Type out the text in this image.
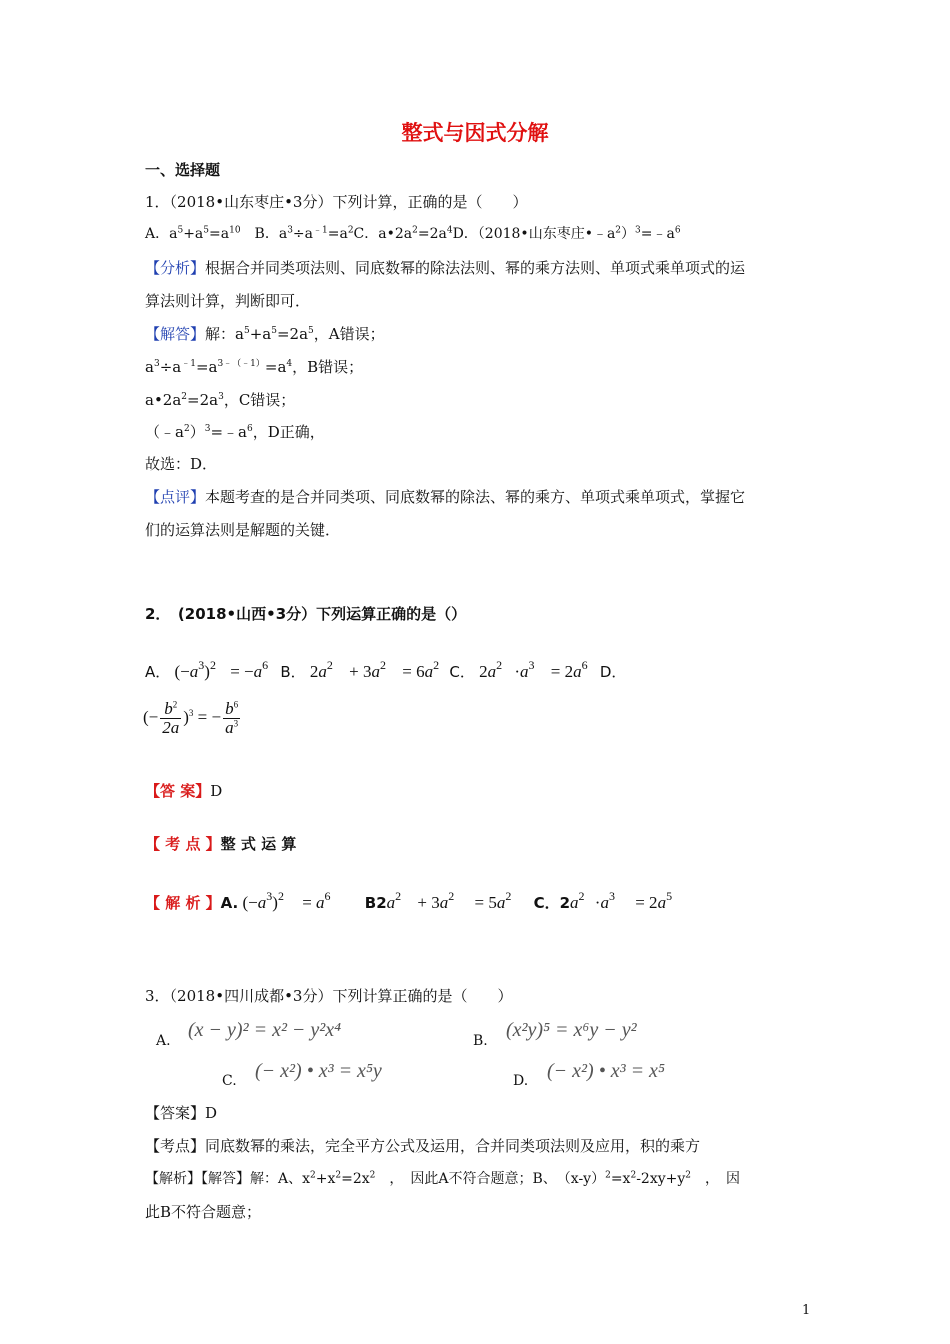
整式与因式分解
一、选择题
1．（2018•山东枣庄•3分）下列计算，正确的是（　　）
A．$a^5+a^5=a^{10}$　B．$a^3\div a^{﹣1}=a^2C$．$a•2a^2=2a^4D$．（2018•山东枣庄$•﹣a^2)^3=﹣a^6$
【分析】根据合并同类项法则、同底数幂的除法法则、幂的乘方法则、单项式乘单项式的运
算法则计算，判断即可．
【解答】解：$a^5+a^5=2a^5$，A错误；
$a^3\div a^{﹣1}=a^{3﹣(﹣1)}=a^4$，B错误；
$a•2a^2=2a^3$，C错误；
$(﹣a^2)^3=﹣a^6$，D正确，
故选：D．
【点评】本题考查的是合并同类项、同底数幂的除法、幂的乘方、单项式乘单项式，掌握它
们的运算法则是解题的关键．
2．　(2018•山西•3分）下列运算正确的是（）
A． $(-a^3)^2 = -a^6$ B． $2a^2 + 3a^2 = 6a^2$ C． $2a^2 \cdot a^3 = 2a^6$ D．
(− $\frac{b^2}{2a} )^3$ = − $\frac{b^6}{a^3}$
【答 案】D
【 考 点 】整 式 运 算
【 解 析 】A. $(-a^3)^2 = a^6$ $B2a^2 + 3a^2 = 5a^2$ C．$2a^2 \cdot a^3 = 2a^5$
3．（2018•四川成都•3分）下列计算正确的是（　　）
A. (x − y)² = x² − y²x⁴	B. (x²y)⁵ = x⁶y − y²
C. (− x²) • x³ = x⁵y	D. (− x²) • x³ = x⁵
【答案】D
【考点】同底数幂的乘法，完全平方公式及运用，合并同类项法则及应用，积的乘方
【解析】【解答】解：A、$x^2+x^2=2x^2$　，　因此A不符合题意；B、　$(x-y)^2=x^2-2xy+y^2$　，　因
此B不符合题意；
1
